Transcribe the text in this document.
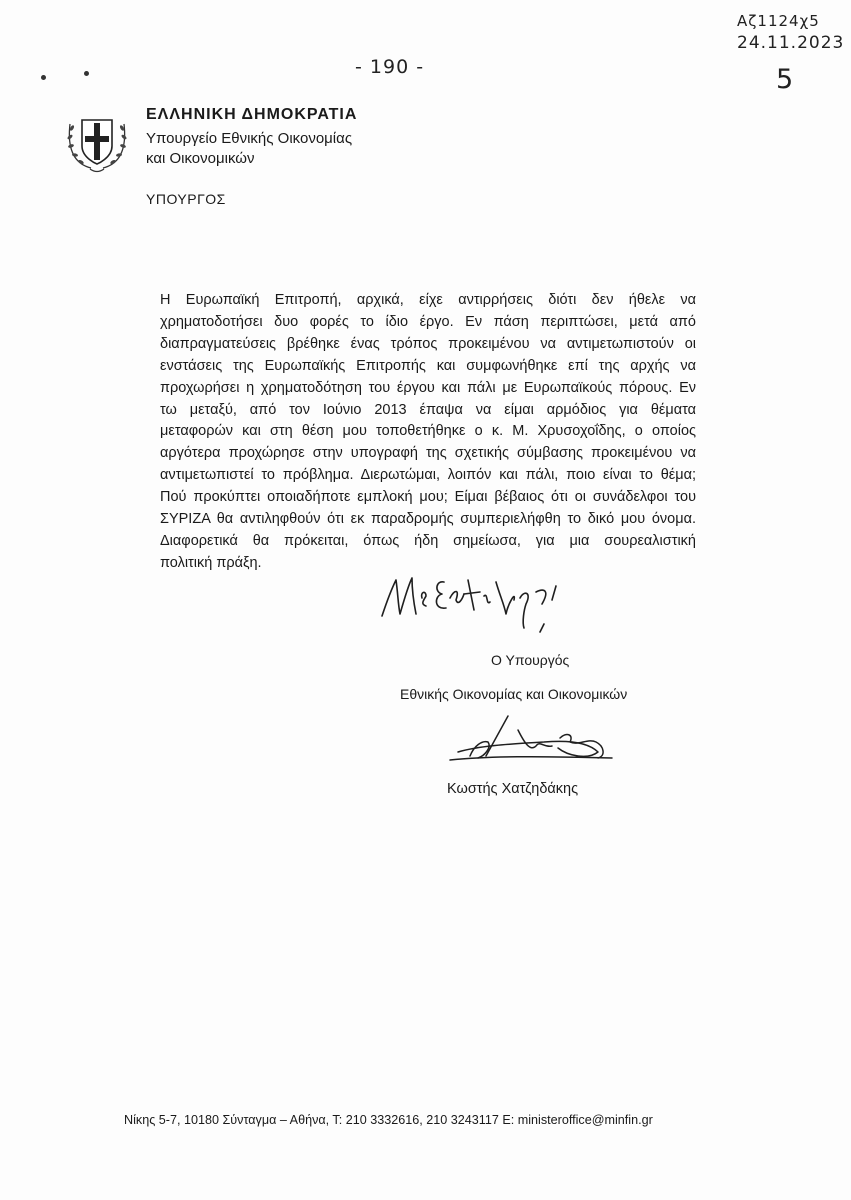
Αζ1124χ5
24.11.2023
5
- 190 -
ΕΛΛΗΝΙΚΗ ΔΗΜΟΚΡΑΤΙΑ
Υπουργείο Εθνικής Οικονομίας
και Οικονομικών
ΥΠΟΥΡΓΟΣ

Η Ευρωπαϊκή Επιτροπή, αρχικά, είχε αντιρρήσεις διότι δεν ήθελε να
χρηματοδοτήσει δυο φορές το ίδιο έργο. Εν πάση περιπτώσει, μετά από
διαπραγματεύσεις βρέθηκε ένας τρόπος προκειμένου να αντιμετωπιστούν οι
ενστάσεις της Ευρωπαϊκής Επιτροπής και συμφωνήθηκε επί της αρχής να
προχωρήσει η χρηματοδότηση του έργου και πάλι με Ευρωπαϊκούς πόρους. Εν
τω μεταξύ, από τον Ιούνιο 2013 έπαψα να είμαι αρμόδιος για θέματα
μεταφορών και στη θέση μου τοποθετήθηκε ο κ. Μ. Χρυσοχοΐδης, ο οποίος
αργότερα προχώρησε στην υπογραφή της σχετικής σύμβασης προκειμένου να
αντιμετωπιστεί το πρόβλημα. Διερωτώμαι, λοιπόν και πάλι, ποιο είναι το θέμα;
Πού προκύπτει οποιαδήποτε εμπλοκή μου; Είμαι βέβαιος ότι οι συνάδελφοι του
ΣΥΡΙΖΑ θα αντιληφθούν ότι εκ παραδρομής συμπεριελήφθη το δικό μου όνομα.
Διαφορετικά θα πρόκειται, όπως ήδη σημείωσα, για μια σουρεαλιστική
πολιτική πράξη.

Ο Υπουργός
Εθνικής Οικονομίας και Οικονομικών
Κωστής Χατζηδάκης
Νίκης 5-7, 10180 Σύνταγμα – Αθήνα, Τ: 210 3332616, 210 3243117 Ε: ministeroffice@minfin.gr
